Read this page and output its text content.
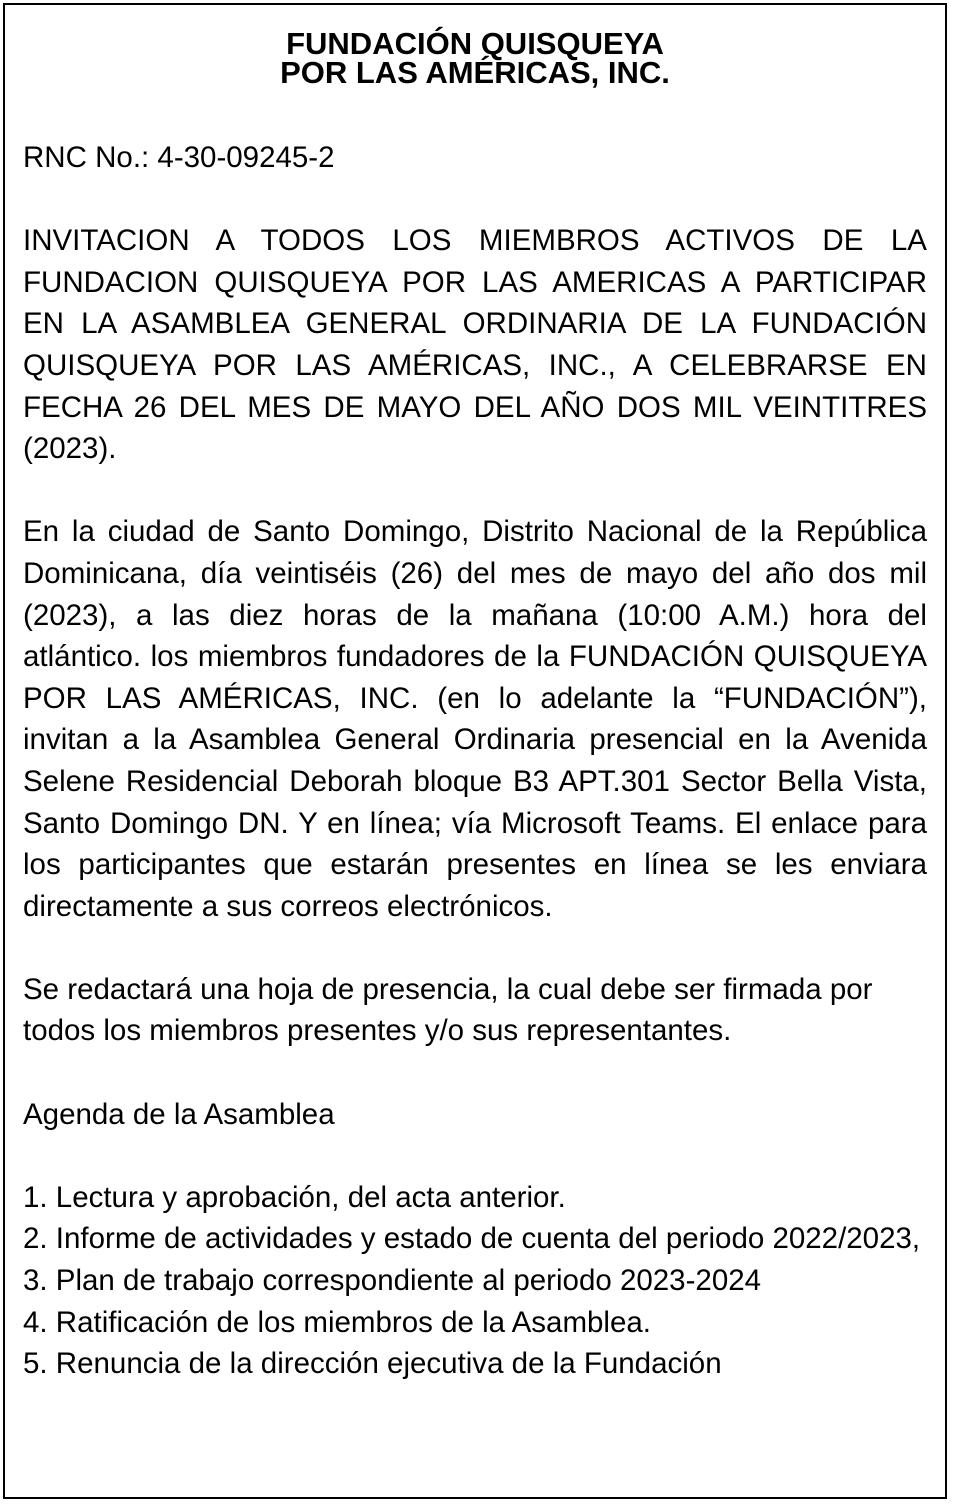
FUNDACIÓN QUISQUEYA
POR LAS AMÉRICAS, INC.

RNC No.: 4-30-09245-2

INVITACION A TODOS LOS MIEMBROS ACTIVOS DE LA FUNDACION QUISQUEYA POR LAS AMERICAS A PARTICIPAR EN LA ASAMBLEA GENERAL ORDINARIA DE LA FUNDACIÓN QUISQUEYA POR LAS AMÉRICAS, INC., A CELEBRARSE EN FECHA 26 DEL MES DE MAYO DEL AÑO DOS MIL VEINTITRES (2023).

En la ciudad de Santo Domingo, Distrito Nacional de la República Dominicana, día veintiséis (26) del mes de mayo del año dos mil (2023), a las diez horas de la mañana (10:00 A.M.) hora del atlántico. los miembros fundadores de la FUNDACIÓN QUISQUEYA POR LAS AMÉRICAS, INC. (en lo adelante la “FUNDACIÓN”), invitan a la Asamblea General Ordinaria presencial en la Avenida Selene Residencial Deborah bloque B3 APT.301 Sector Bella Vista, Santo Domingo DN. Y en línea; vía Microsoft Teams. El enlace para los participantes que estarán presentes en línea se les enviara directamente a sus correos electrónicos.

Se redactará una hoja de presencia, la cual debe ser firmada por todos los miembros presentes y/o sus representantes.

Agenda de la Asamblea

1. Lectura y aprobación, del acta anterior.
2. Informe de actividades y estado de cuenta del periodo 2022/2023,
3. Plan de trabajo correspondiente al periodo 2023-2024
4. Ratificación de los miembros de la Asamblea.
5. Renuncia de la dirección ejecutiva de la Fundación
